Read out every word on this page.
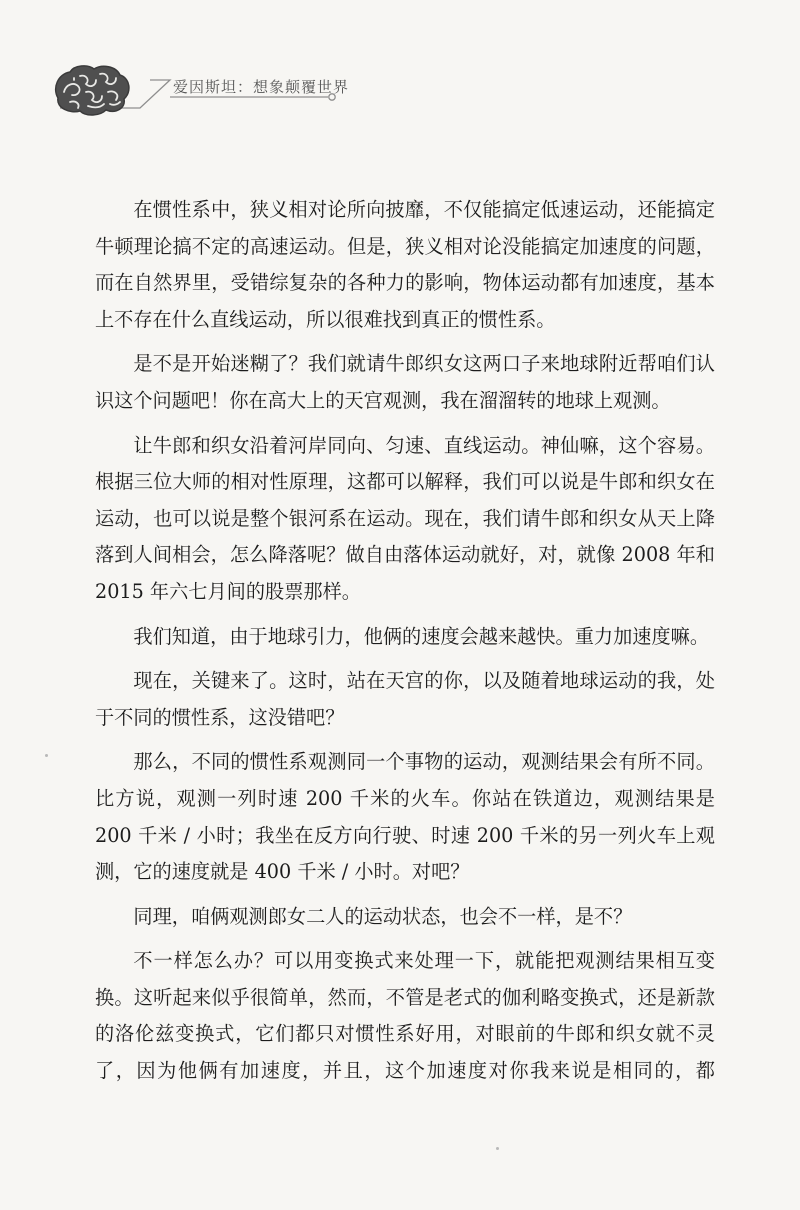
爱因斯坦：想象颠覆世界

在惯性系中，狭义相对论所向披靡，不仅能搞定低速运动，还能搞定牛顿理论搞不定的高速运动。但是，狭义相对论没能搞定加速度的问题，而在自然界里，受错综复杂的各种力的影响，物体运动都有加速度，基本上不存在什么直线运动，所以很难找到真正的惯性系。

是不是开始迷糊了？我们就请牛郎织女这两口子来地球附近帮咱们认识这个问题吧！你在高大上的天宫观测，我在溜溜转的地球上观测。

让牛郎和织女沿着河岸同向、匀速、直线运动。神仙嘛，这个容易。根据三位大师的相对性原理，这都可以解释，我们可以说是牛郎和织女在运动，也可以说是整个银河系在运动。现在，我们请牛郎和织女从天上降落到人间相会，怎么降落呢？做自由落体运动就好，对，就像 2008 年和 2015 年六七月间的股票那样。

我们知道，由于地球引力，他俩的速度会越来越快。重力加速度嘛。

现在，关键来了。这时，站在天宫的你，以及随着地球运动的我，处于不同的惯性系，这没错吧？

那么，不同的惯性系观测同一个事物的运动，观测结果会有所不同。比方说，观测一列时速 200 千米的火车。你站在铁道边，观测结果是 200 千米 / 小时；我坐在反方向行驶、时速 200 千米的另一列火车上观测，它的速度就是 400 千米 / 小时。对吧？

同理，咱俩观测郎女二人的运动状态，也会不一样，是不？

不一样怎么办？可以用变换式来处理一下，就能把观测结果相互变换。这听起来似乎很简单，然而，不管是老式的伽利略变换式，还是新款的洛伦兹变换式，它们都只对惯性系好用，对眼前的牛郎和织女就不灵了，因为他俩有加速度，并且，这个加速度对你我来说是相同的，都
